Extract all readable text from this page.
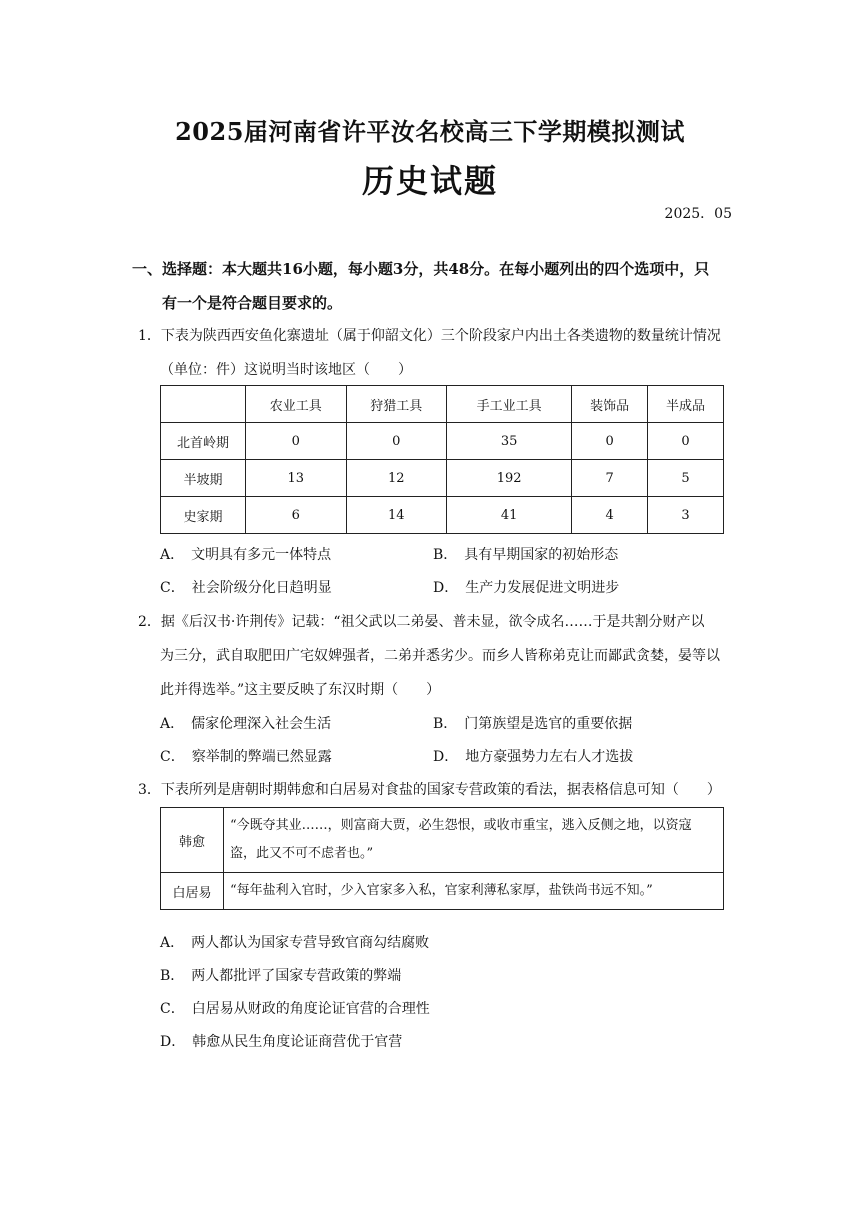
2025届河南省许平汝名校高三下学期模拟测试
历史试题
2025．05
一、选择题：本大题共16小题，每小题3分，共48分。在每小题列出的四个选项中，只
有一个是符合题目要求的。
1．下表为陕西西安鱼化寨遗址（属于仰韶文化）三个阶段家户内出土各类遗物的数量统计情况
（单位：件）这说明当时该地区（　　）
	农业工具	狩猎工具	手工业工具	装饰品	半成品
北首岭期	0	0	35	0	0
半坡期	13	12	192	7	5
史家期	6	14	41	4	3
A．　文明具有多元一体特点	B．　具有早期国家的初始形态
C．　社会阶级分化日趋明显	D．　生产力发展促进文明进步
2．据《后汉书·许荆传》记载：“祖父武以二弟晏、普未显，欲令成名……于是共割分财产以
为三分，武自取肥田广宅奴婢强者，二弟并悉劣少。而乡人皆称弟克让而鄙武贪婪，晏等以
此并得选举。”这主要反映了东汉时期（　　）
A．　儒家伦理深入社会生活	B．　门第族望是选官的重要依据
C．　察举制的弊端已然显露	D．　地方豪强势力左右人才选拔
3．下表所列是唐朝时期韩愈和白居易对食盐的国家专营政策的看法，据表格信息可知（　　）
韩愈	“今既夺其业……，则富商大贾，必生怨恨，或收市重宝，逃入反侧之地，以资寇盗，此又不可不虑者也。”
白居易	“每年盐利入官时，少入官家多入私，官家利薄私家厚，盐铁尚书远不知。”
A．　两人都认为国家专营导致官商勾结腐败
B．　两人都批评了国家专营政策的弊端
C．　白居易从财政的角度论证官营的合理性
D．　韩愈从民生角度论证商营优于官营
